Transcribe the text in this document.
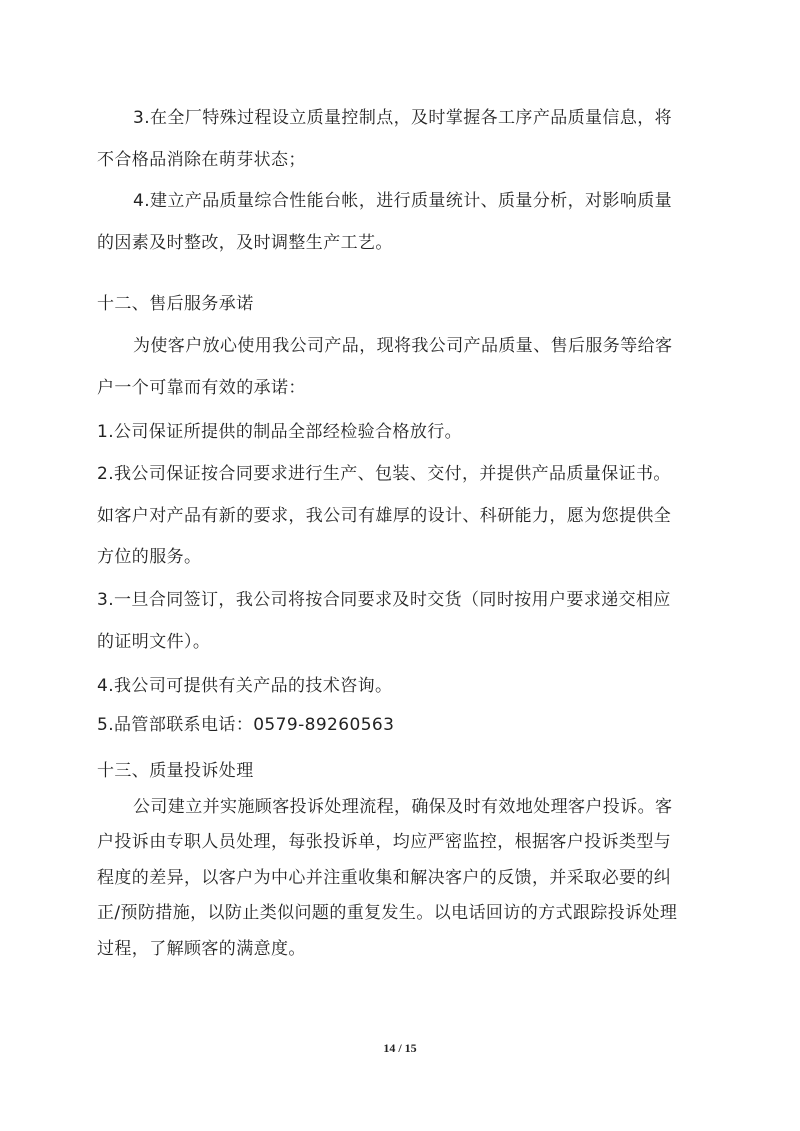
3.在全厂特殊过程设立质量控制点，及时掌握各工序产品质量信息，将
不合格品消除在萌芽状态；
4.建立产品质量综合性能台帐，进行质量统计、质量分析，对影响质量
的因素及时整改，及时调整生产工艺。
十二、售后服务承诺
为使客户放心使用我公司产品，现将我公司产品质量、售后服务等给客
户一个可靠而有效的承诺：
1.公司保证所提供的制品全部经检验合格放行。
2.我公司保证按合同要求进行生产、包装、交付，并提供产品质量保证书。
如客户对产品有新的要求，我公司有雄厚的设计、科研能力，愿为您提供全
方位的服务。
3.一旦合同签订，我公司将按合同要求及时交货（同时按用户要求递交相应
的证明文件）。
4.我公司可提供有关产品的技术咨询。
5.品管部联系电话：0579-89260563
十三、质量投诉处理
公司建立并实施顾客投诉处理流程，确保及时有效地处理客户投诉。客
户投诉由专职人员处理，每张投诉单，均应严密监控，根据客户投诉类型与
程度的差异，以客户为中心并注重收集和解决客户的反馈，并采取必要的纠
正/预防措施，以防止类似问题的重复发生。以电话回访的方式跟踪投诉处理
过程，了解顾客的满意度。
14 / 15
